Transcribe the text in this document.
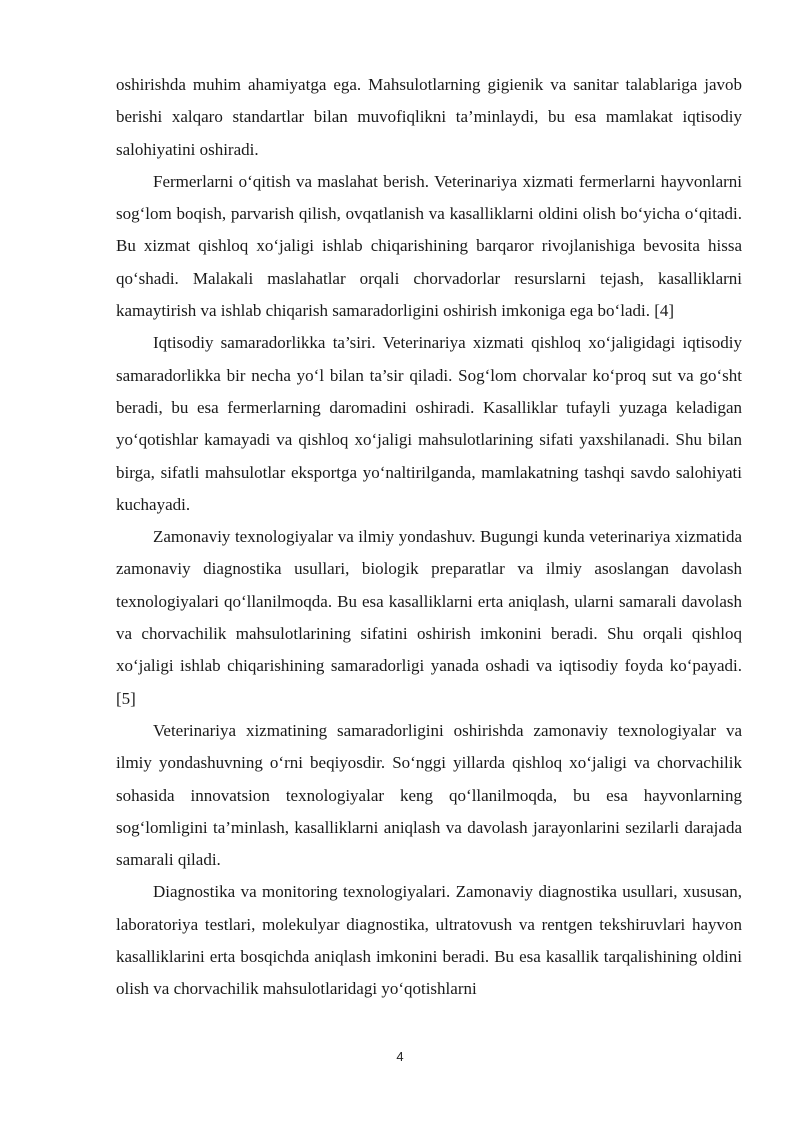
oshirishda muhim ahamiyatga ega. Mahsulotlarning gigienik va sanitar talablariga javob berishi xalqaro standartlar bilan muvofiqlikni ta’minlaydi, bu esa mamlakat iqtisodiy salohiyatini oshiradi.

Fermerlarni o‘qitish va maslahat berish. Veterinariya xizmati fermerlarni hayvonlarni sog‘lom boqish, parvarish qilish, ovqatlanish va kasalliklarni oldini olish bo‘yicha o‘qitadi. Bu xizmat qishloq xo‘jaligi ishlab chiqarishining barqaror rivojlanishiga bevosita hissa qo‘shadi. Malakali maslahatlar orqali chorvadorlar resurslarni tejash, kasalliklarni kamaytirish va ishlab chiqarish samaradorligini oshirish imkoniga ega bo‘ladi. [4]

Iqtisodiy samaradorlikka ta’siri. Veterinariya xizmati qishloq xo‘jaligidagi iqtisodiy samaradorlikka bir necha yo‘l bilan ta’sir qiladi. Sog‘lom chorvalar ko‘proq sut va go‘sht beradi, bu esa fermerlarning daromadini oshiradi. Kasalliklar tufayli yuzaga keladigan yo‘qotishlar kamayadi va qishloq xo‘jaligi mahsulotlarining sifati yaxshilanadi. Shu bilan birga, sifatli mahsulotlar eksportga yo‘naltirilganda, mamlakatning tashqi savdo salohiyati kuchayadi.

Zamonaviy texnologiyalar va ilmiy yondashuv. Bugungi kunda veterinariya xizmatida zamonaviy diagnostika usullari, biologik preparatlar va ilmiy asoslangan davolash texnologiyalari qo‘llanilmoqda. Bu esa kasalliklarni erta aniqlash, ularni samarali davolash va chorvachilik mahsulotlarining sifatini oshirish imkonini beradi. Shu orqali qishloq xo‘jaligi ishlab chiqarishining samaradorligi yanada oshadi va iqtisodiy foyda ko‘payadi. [5]

Veterinariya xizmatining samaradorligini oshirishda zamonaviy texnologiyalar va ilmiy yondashuvning o‘rni beqiyosdir. So‘nggi yillarda qishloq xo‘jaligi va chorvachilik sohasida innovatsion texnologiyalar keng qo‘llanilmoqda, bu esa hayvonlarning sog‘lomligini ta’minlash, kasalliklarni aniqlash va davolash jarayonlarini sezilarli darajada samarali qiladi.

Diagnostika va monitoring texnologiyalari. Zamonaviy diagnostika usullari, xususan, laboratoriya testlari, molekulyar diagnostika, ultratovush va rentgen tekshiruvlari hayvon kasalliklarini erta bosqichda aniqlash imkonini beradi. Bu esa kasallik tarqalishining oldini olish va chorvachilik mahsulotlaridagi yo‘qotishlarni

4
